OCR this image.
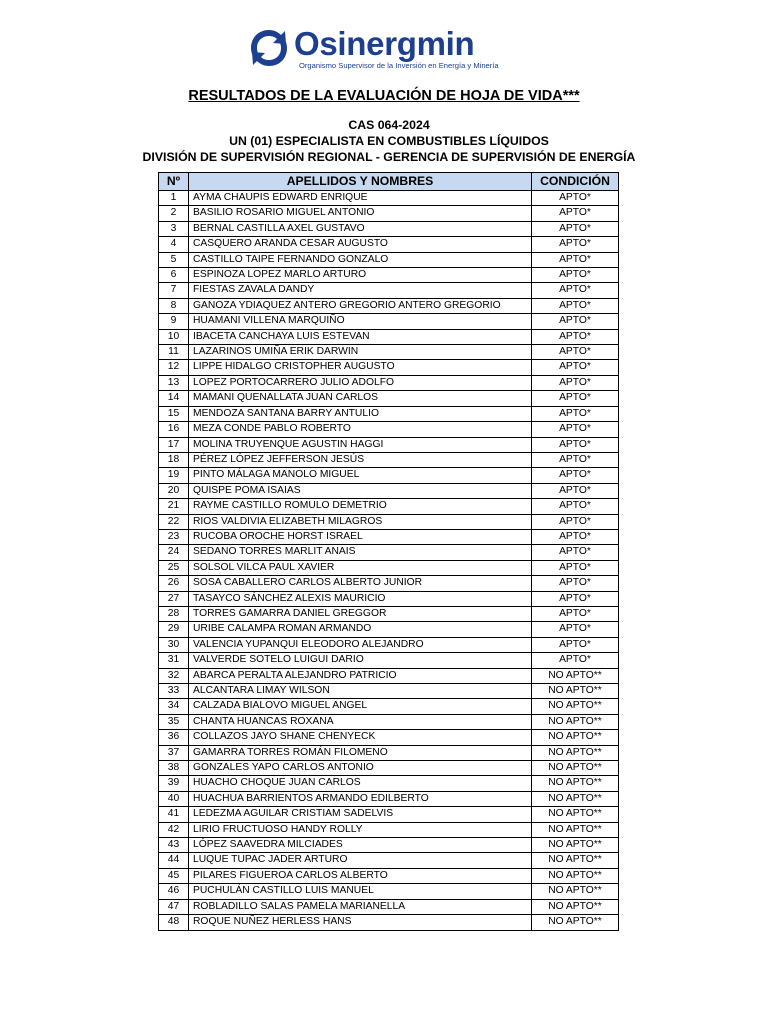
Osinergmin
Organismo Supervisor de la Inversión en Energía y Minería
RESULTADOS DE LA EVALUACIÓN DE HOJA DE VIDA***
CAS 064-2024
UN (01) ESPECIALISTA EN COMBUSTIBLES LÍQUIDOS
DIVISIÓN DE SUPERVISIÓN REGIONAL - GERENCIA DE SUPERVISIÓN DE ENERGÍA
Nº	APELLIDOS Y NOMBRES	CONDICIÓN
1	AYMA CHAUPIS EDWARD ENRIQUE	APTO*
2	BASILIO ROSARIO MIGUEL ANTONIO	APTO*
3	BERNAL CASTILLA AXEL GUSTAVO	APTO*
4	CASQUERO ARANDA CESAR AUGUSTO	APTO*
5	CASTILLO TAIPE FERNANDO GONZALO	APTO*
6	ESPINOZA LOPEZ MARLO ARTURO	APTO*
7	FIESTAS ZAVALA DANDY	APTO*
8	GANOZA YDIAQUEZ ANTERO GREGORIO ANTERO GREGORIO	APTO*
9	HUAMANI VILLENA MARQUIÑO	APTO*
10	IBACETA CANCHAYA LUIS ESTEVAN	APTO*
11	LAZARINOS UMIÑA ERIK DARWIN	APTO*
12	LIPPE HIDALGO CRISTOPHER AUGUSTO	APTO*
13	LOPEZ PORTOCARRERO JULIO ADOLFO	APTO*
14	MAMANI QUENALLATA JUAN CARLOS	APTO*
15	MENDOZA SANTANA BARRY ANTULIO	APTO*
16	MEZA CONDE PABLO ROBERTO	APTO*
17	MOLINA TRUYENQUE AGUSTIN HAGGI	APTO*
18	PÉREZ LÓPEZ JEFFERSON JESÚS	APTO*
19	PINTO MÁLAGA MANOLO MIGUEL	APTO*
20	QUISPE POMA ISAIAS	APTO*
21	RAYME CASTILLO ROMULO DEMETRIO	APTO*
22	RIOS VALDIVIA ELIZABETH MILAGROS	APTO*
23	RUCOBA OROCHE HORST ISRAEL	APTO*
24	SEDANO TORRES MARLIT ANAIS	APTO*
25	SOLSOL VILCA PAUL XAVIER	APTO*
26	SOSA CABALLERO CARLOS ALBERTO JUNIOR	APTO*
27	TASAYCO SÁNCHEZ ALEXIS MAURICIO	APTO*
28	TORRES GAMARRA DANIEL GREGGOR	APTO*
29	URIBE CALAMPA ROMAN ARMANDO	APTO*
30	VALENCIA YUPANQUI ELEODORO ALEJANDRO	APTO*
31	VALVERDE SOTELO LUIGUI DARIO	APTO*
32	ABARCA PERALTA ALEJANDRO PATRICIO	NO APTO**
33	ALCANTARA LIMAY WILSON	NO APTO**
34	CALZADA BIALOVO MIGUEL ANGEL	NO APTO**
35	CHANTA HUANCAS ROXANA	NO APTO**
36	COLLAZOS JAYO SHANE CHENYECK	NO APTO**
37	GAMARRA TORRES ROMÁN FILOMENO	NO APTO**
38	GONZALES YAPO CARLOS ANTONIO	NO APTO**
39	HUACHO CHOQUE JUAN CARLOS	NO APTO**
40	HUACHUA BARRIENTOS ARMANDO EDILBERTO	NO APTO**
41	LEDEZMA AGUILAR CRISTIAM SADELVIS	NO APTO**
42	LIRIO FRUCTUOSO HANDY ROLLY	NO APTO**
43	LÓPEZ SAAVEDRA MILCIADES	NO APTO**
44	LUQUE TUPAC JADER ARTURO	NO APTO**
45	PILARES FIGUEROA CARLOS ALBERTO	NO APTO**
46	PUCHULÁN CASTILLO LUIS MANUEL	NO APTO**
47	ROBLADILLO SALAS PAMELA MARIANELLA	NO APTO**
48	ROQUE NUÑEZ HERLESS HANS	NO APTO**
